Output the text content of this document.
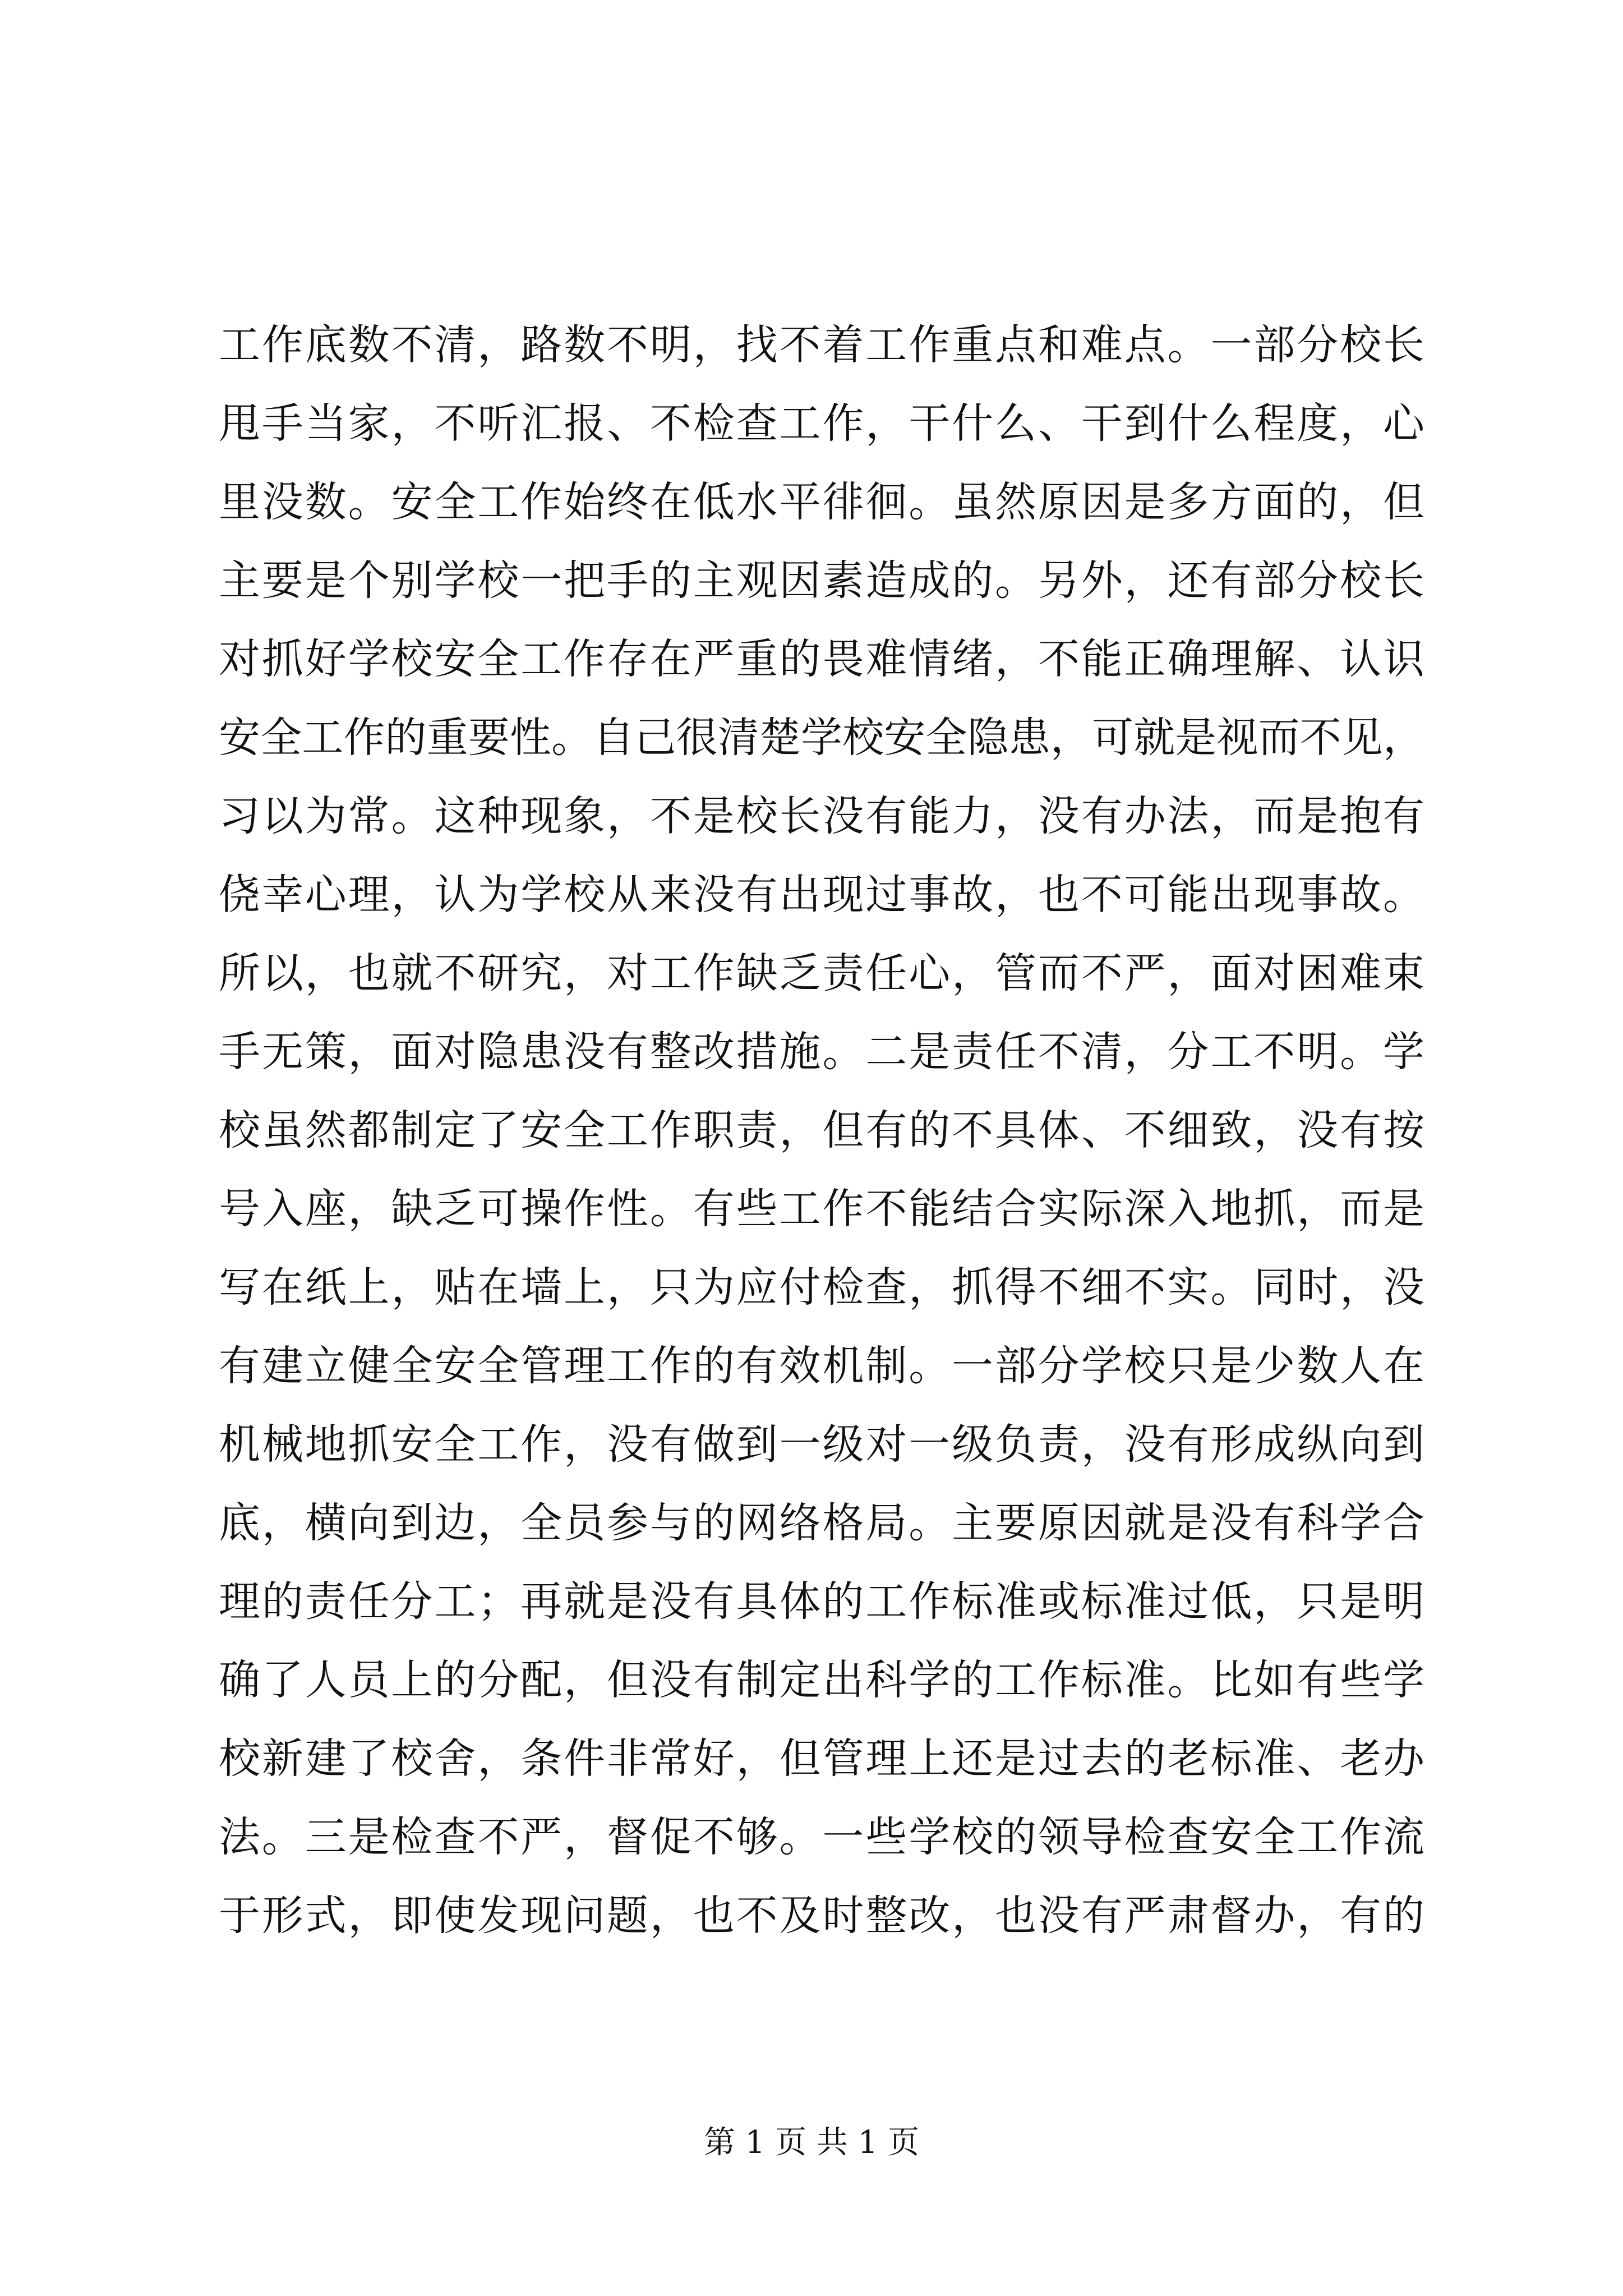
工作底数不清，路数不明，找不着工作重点和难点。一部分校长
甩手当家，不听汇报、不检查工作，干什么、干到什么程度，心
里没数。安全工作始终在低水平徘徊。虽然原因是多方面的，但
主要是个别学校一把手的主观因素造成的。另外，还有部分校长
对抓好学校安全工作存在严重的畏难情绪，不能正确理解、认识
安全工作的重要性。自己很清楚学校安全隐患，可就是视而不见，
习以为常。这种现象，不是校长没有能力，没有办法，而是抱有
侥幸心理，认为学校从来没有出现过事故，也不可能出现事故。
所以，也就不研究，对工作缺乏责任心，管而不严，面对困难束
手无策，面对隐患没有整改措施。二是责任不清，分工不明。学
校虽然都制定了安全工作职责，但有的不具体、不细致，没有按
号入座，缺乏可操作性。有些工作不能结合实际深入地抓，而是
写在纸上，贴在墙上，只为应付检查，抓得不细不实。同时，没
有建立健全安全管理工作的有效机制。一部分学校只是少数人在
机械地抓安全工作，没有做到一级对一级负责，没有形成纵向到
底，横向到边，全员参与的网络格局。主要原因就是没有科学合
理的责任分工；再就是没有具体的工作标准或标准过低，只是明
确了人员上的分配，但没有制定出科学的工作标准。比如有些学
校新建了校舍，条件非常好，但管理上还是过去的老标准、老办
法。三是检查不严，督促不够。一些学校的领导检查安全工作流
于形式，即使发现问题，也不及时整改，也没有严肃督办，有的
第 1 页 共 1 页
